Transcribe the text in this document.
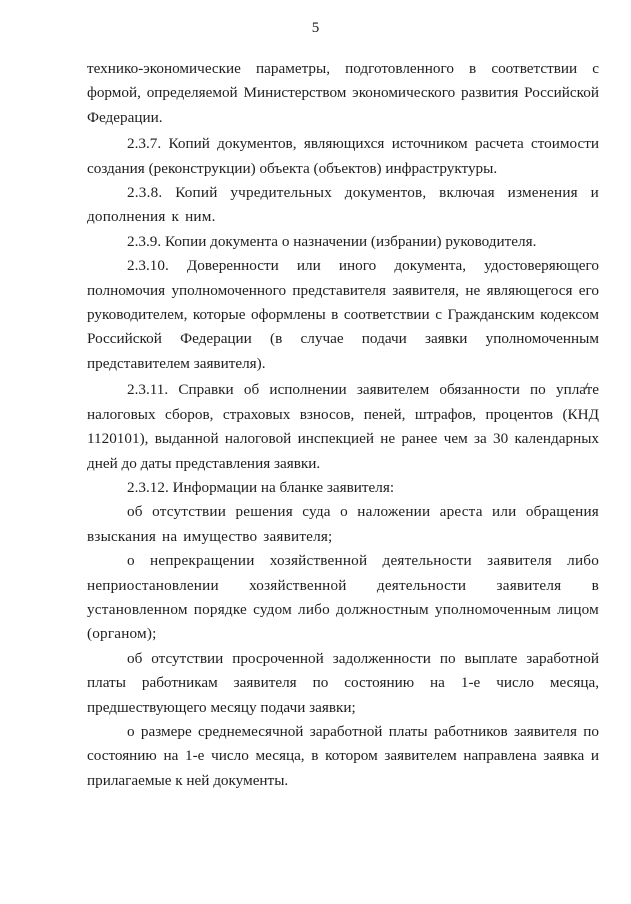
5

технико-экономические параметры, подготовленного в соответствии с формой, определяемой Министерством экономического развития Российской Федерации.

2.3.7. Копий документов, являющихся источником расчета стоимости создания (реконструкции) объекта (объектов) инфраструктуры.

2.3.8. Копий учредительных документов, включая изменения и дополнения к ним.

2.3.9. Копии документа о назначении (избрании) руководителя.

2.3.10. Доверенности или иного документа, удостоверяющего полномочия уполномоченного представителя заявителя, не являющегося его руководителем, которые оформлены в соответствии с Гражданским кодексом Российской Федерации (в случае подачи заявки уполномоченным представителем заявителя).

2.3.11. Справки об исполнении заявителем обязанности по уплате налоговых сборов, страховых взносов, пеней, штрафов, процентов (КНД 1120101), выданной налоговой инспекцией не ранее чем за 30 календарных дней до даты представления заявки.

2.3.12. Информации на бланке заявителя:

об отсутствии решения суда о наложении ареста или обращения взыскания на имущество заявителя;

о непрекращении хозяйственной деятельности заявителя либо неприостановлении хозяйственной деятельности заявителя в установленном порядке судом либо должностным уполномоченным лицом (органом);

об отсутствии просроченной задолженности по выплате заработной платы работникам заявителя по состоянию на 1-е число месяца, предшествующего месяцу подачи заявки;

о размере среднемесячной заработной платы работников заявителя по состоянию на 1-е число месяца, в котором заявителем направлена заявка и прилагаемые к ней документы.
